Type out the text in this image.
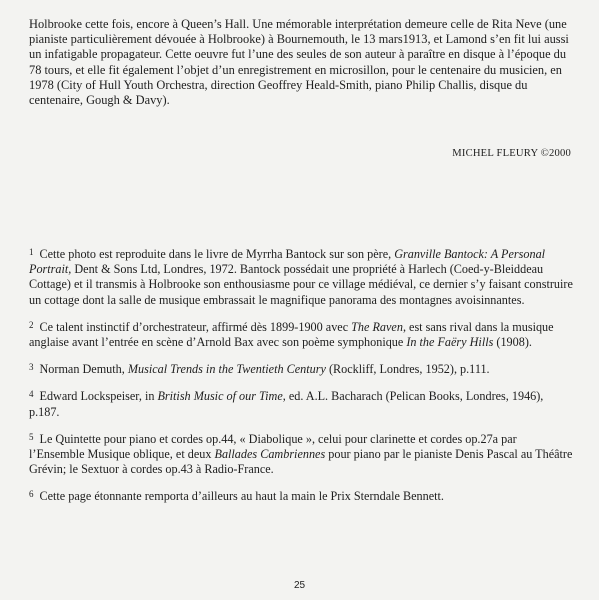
Holbrooke cette fois, encore à Queen’s Hall. Une mémorable interprétation demeure celle de Rita Neve (une pianiste particulièrement dévouée à Holbrooke) à Bournemouth, le 13 mars1913, et Lamond s’en fit lui aussi un infatigable propagateur. Cette oeuvre fut l’une des seules de son auteur à paraître en disque à l’époque du 78 tours, et elle fit également l’objet d’un enregistrement en microsillon, pour le centenaire du musicien, en 1978 (City of Hull Youth Orchestra, direction Geoffrey Heald-Smith, piano Philip Challis, disque du centenaire, Gough & Davy).

MICHEL FLEURY ©2000

$^1$ Cette photo est reproduite dans le livre de Myrrha Bantock sur son père, Granville Bantock: A Personal Portrait, Dent & Sons Ltd, Londres, 1972. Bantock possédait une propriété à Harlech (Coed-y-Bleiddeau Cottage) et il transmis à Holbrooke son enthousiasme pour ce village médiéval, ce dernier s’y faisant construire un cottage dont la salle de musique embrassait le magnifique panorama des montagnes avoisinnantes.

$^2$ Ce talent instinctif d’orchestrateur, affirmé dès 1899-1900 avec The Raven, est sans rival dans la musique anglaise avant l’entrée en scène d’Arnold Bax avec son poème symphonique In the Faëry Hills (1908).

$^3$ Norman Demuth, Musical Trends in the Twentieth Century (Rockliff, Londres, 1952), p.111.

$^4$ Edward Lockspeiser, in British Music of our Time, ed. A.L. Bacharach (Pelican Books, Londres, 1946), p.187.

$^5$ Le Quintette pour piano et cordes op.44, « Diabolique », celui pour clarinette et cordes op.27a par l’Ensemble Musique oblique, et deux Ballades Cambriennes pour piano par le pianiste Denis Pascal au Théâtre Grévin; le Sextuor à cordes op.43 à Radio-France.

$^6$ Cette page étonnante remporta d’ailleurs au haut la main le Prix Sterndale Bennett.

25
